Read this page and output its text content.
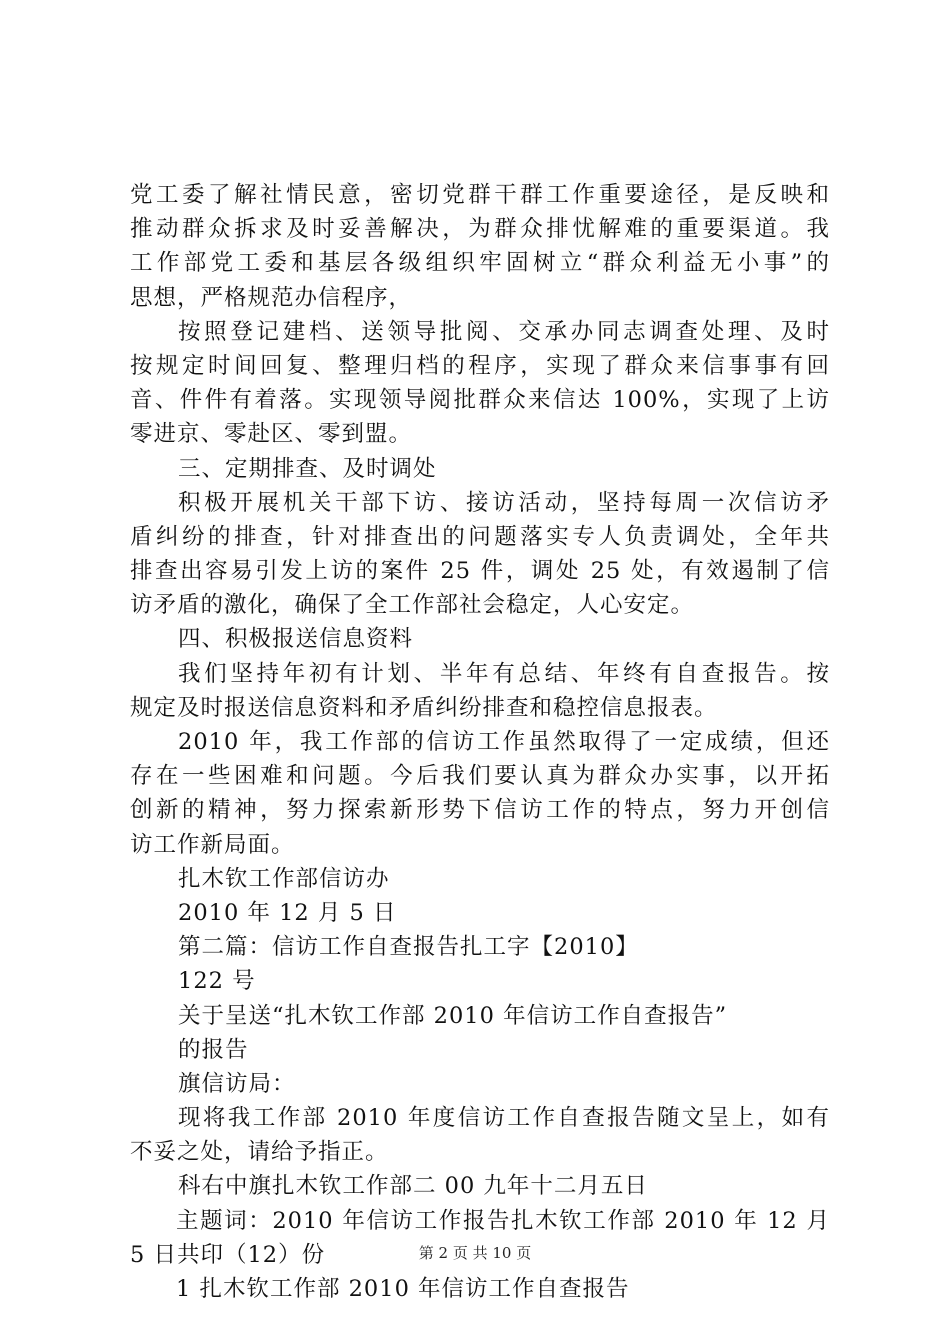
党工委了解社情民意，密切党群干群工作重要途径，是反映和
推动群众拆求及时妥善解决，为群众排忧解难的重要渠道。我
工作部党工委和基层各级组织牢固树立“群众利益无小事”的
思想，严格规范办信程序，
按照登记建档、送领导批阅、交承办同志调查处理、及时
按规定时间回复、整理归档的程序，实现了群众来信事事有回
音、件件有着落。实现领导阅批群众来信达 100%，实现了上访
零进京、零赴区、零到盟。
三、定期排查、及时调处
积极开展机关干部下访、接访活动，坚持每周一次信访矛
盾纠纷的排查，针对排查出的问题落实专人负责调处，全年共
排查出容易引发上访的案件 25 件，调处 25 处，有效遏制了信
访矛盾的激化，确保了全工作部社会稳定，人心安定。
四、积极报送信息资料
我们坚持年初有计划、半年有总结、年终有自查报告。按
规定及时报送信息资料和矛盾纠纷排查和稳控信息报表。
2010 年，我工作部的信访工作虽然取得了一定成绩，但还
存在一些困难和问题。今后我们要认真为群众办实事，以开拓
创新的精神，努力探索新形势下信访工作的特点，努力开创信
访工作新局面。
扎木钦工作部信访办
2010 年 12 月 5 日
第二篇：信访工作自查报告扎工字【2010】
122 号
关于呈送“扎木钦工作部 2010 年信访工作自查报告”
的报告
旗信访局：
现将我工作部 2010 年度信访工作自查报告随文呈上，如有
不妥之处，请给予指正。
科右中旗扎木钦工作部二 00 九年十二月五日
主题词：2010 年信访工作报告扎木钦工作部 2010 年 12 月
5 日共印（12）份
1 扎木钦工作部 2010 年信访工作自查报告
第 2 页 共 10 页
